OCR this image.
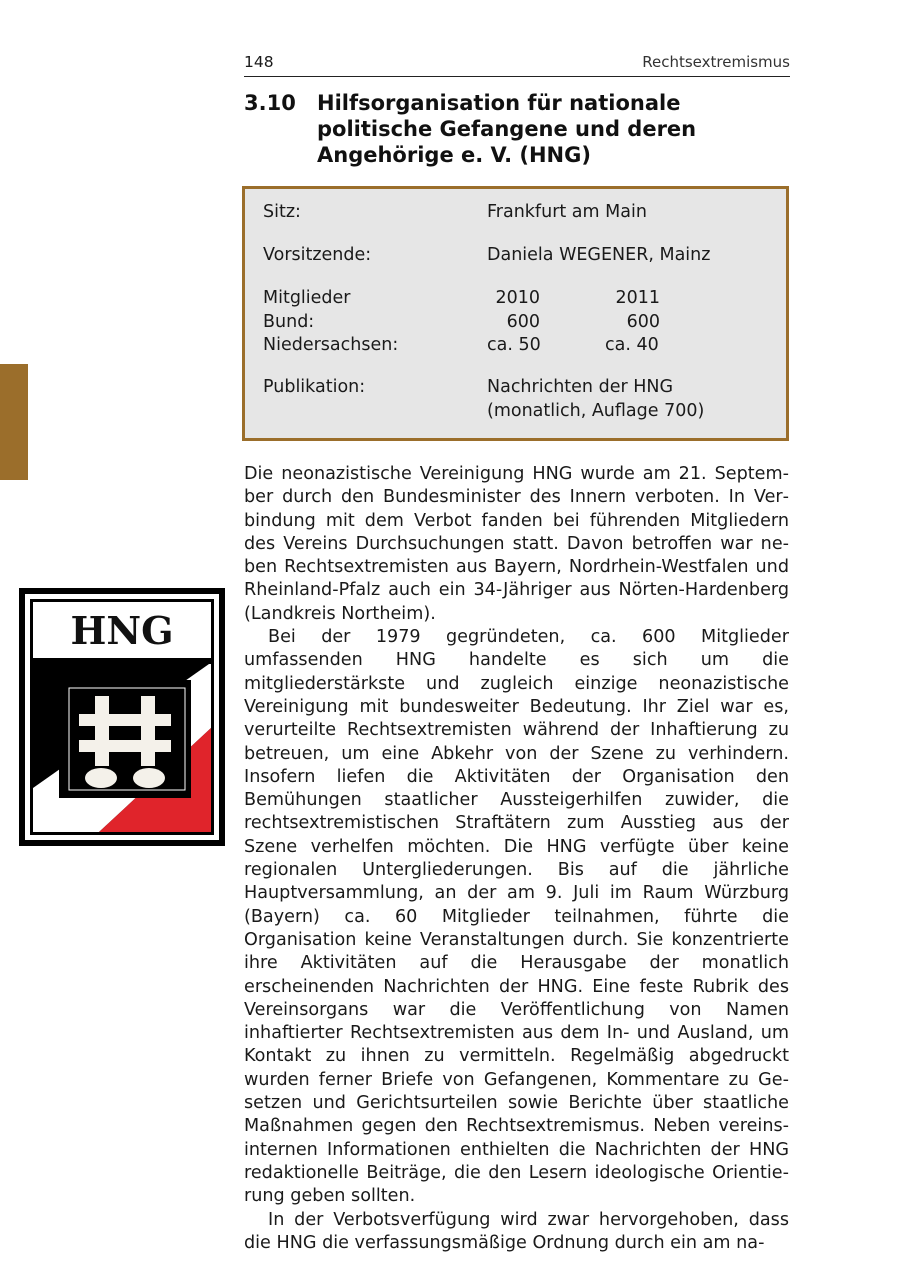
148	Rechtsextremismus
3.10 Hilfsorganisation für nationale politische Gefangene und deren Angehörige e. V. (HNG)
Sitz:	Frankfurt am Main
Vorsitzende:	Daniela WEGENER, Mainz
Mitglieder	2010	2011
Bund:	600	600
Niedersachsen:	ca. 50	ca. 40
Publikation:	Nachrichten der HNG
(monatlich, Auflage 700)
HNG

Die neonazistische Vereinigung HNG wurde am 21. September durch den Bundesminister des Innern verboten. In Verbindung mit dem Verbot fanden bei führenden Mitgliedern des Vereins Durchsuchungen statt. Davon betroffen war neben Rechtsextremisten aus Bayern, Nordrhein-Westfalen und Rheinland-Pfalz auch ein 34-Jähriger aus Nörten-Hardenberg (Landkreis Northeim).

Bei der 1979 gegründeten, ca. 600 Mitglieder umfassenden HNG handelte es sich um die mitgliederstärkste und zugleich einzige neonazistische Vereinigung mit bundesweiter Bedeutung. Ihr Ziel war es, verurteilte Rechtsextremisten während der Inhaftierung zu betreuen, um eine Abkehr von der Szene zu verhindern. Insofern liefen die Aktivitäten der Organisation den Bemühungen staatlicher Aussteigerhilfen zuwider, die rechtsextremistischen Straftätern zum Ausstieg aus der Szene verhelfen möchten. Die HNG verfügte über keine regionalen Untergliederungen. Bis auf die jährliche Hauptversammlung, an der am 9. Juli im Raum Würzburg (Bayern) ca. 60 Mitglieder teilnahmen, führte die Organisation keine Veranstaltungen durch. Sie konzentrierte ihre Aktivitäten auf die Herausgabe der monatlich erscheinenden Nachrichten der HNG. Eine feste Rubrik des Vereinsorgans war die Veröffentlichung von Namen inhaftierter Rechtsextremisten aus dem In- und Ausland, um Kontakt zu ihnen zu vermitteln. Regelmäßig abgedruckt wurden ferner Briefe von Gefangenen, Kommentare zu Gesetzen und Gerichtsurteilen sowie Berichte über staatliche Maßnahmen gegen den Rechtsextremismus. Neben vereinsinternen Informationen enthielten die Nachrichten der HNG redaktionelle Beiträge, die den Lesern ideologische Orientierung geben sollten.

In der Verbotsverfügung wird zwar hervorgehoben, dass die HNG die verfassungsmäßige Ordnung durch ein am na-
